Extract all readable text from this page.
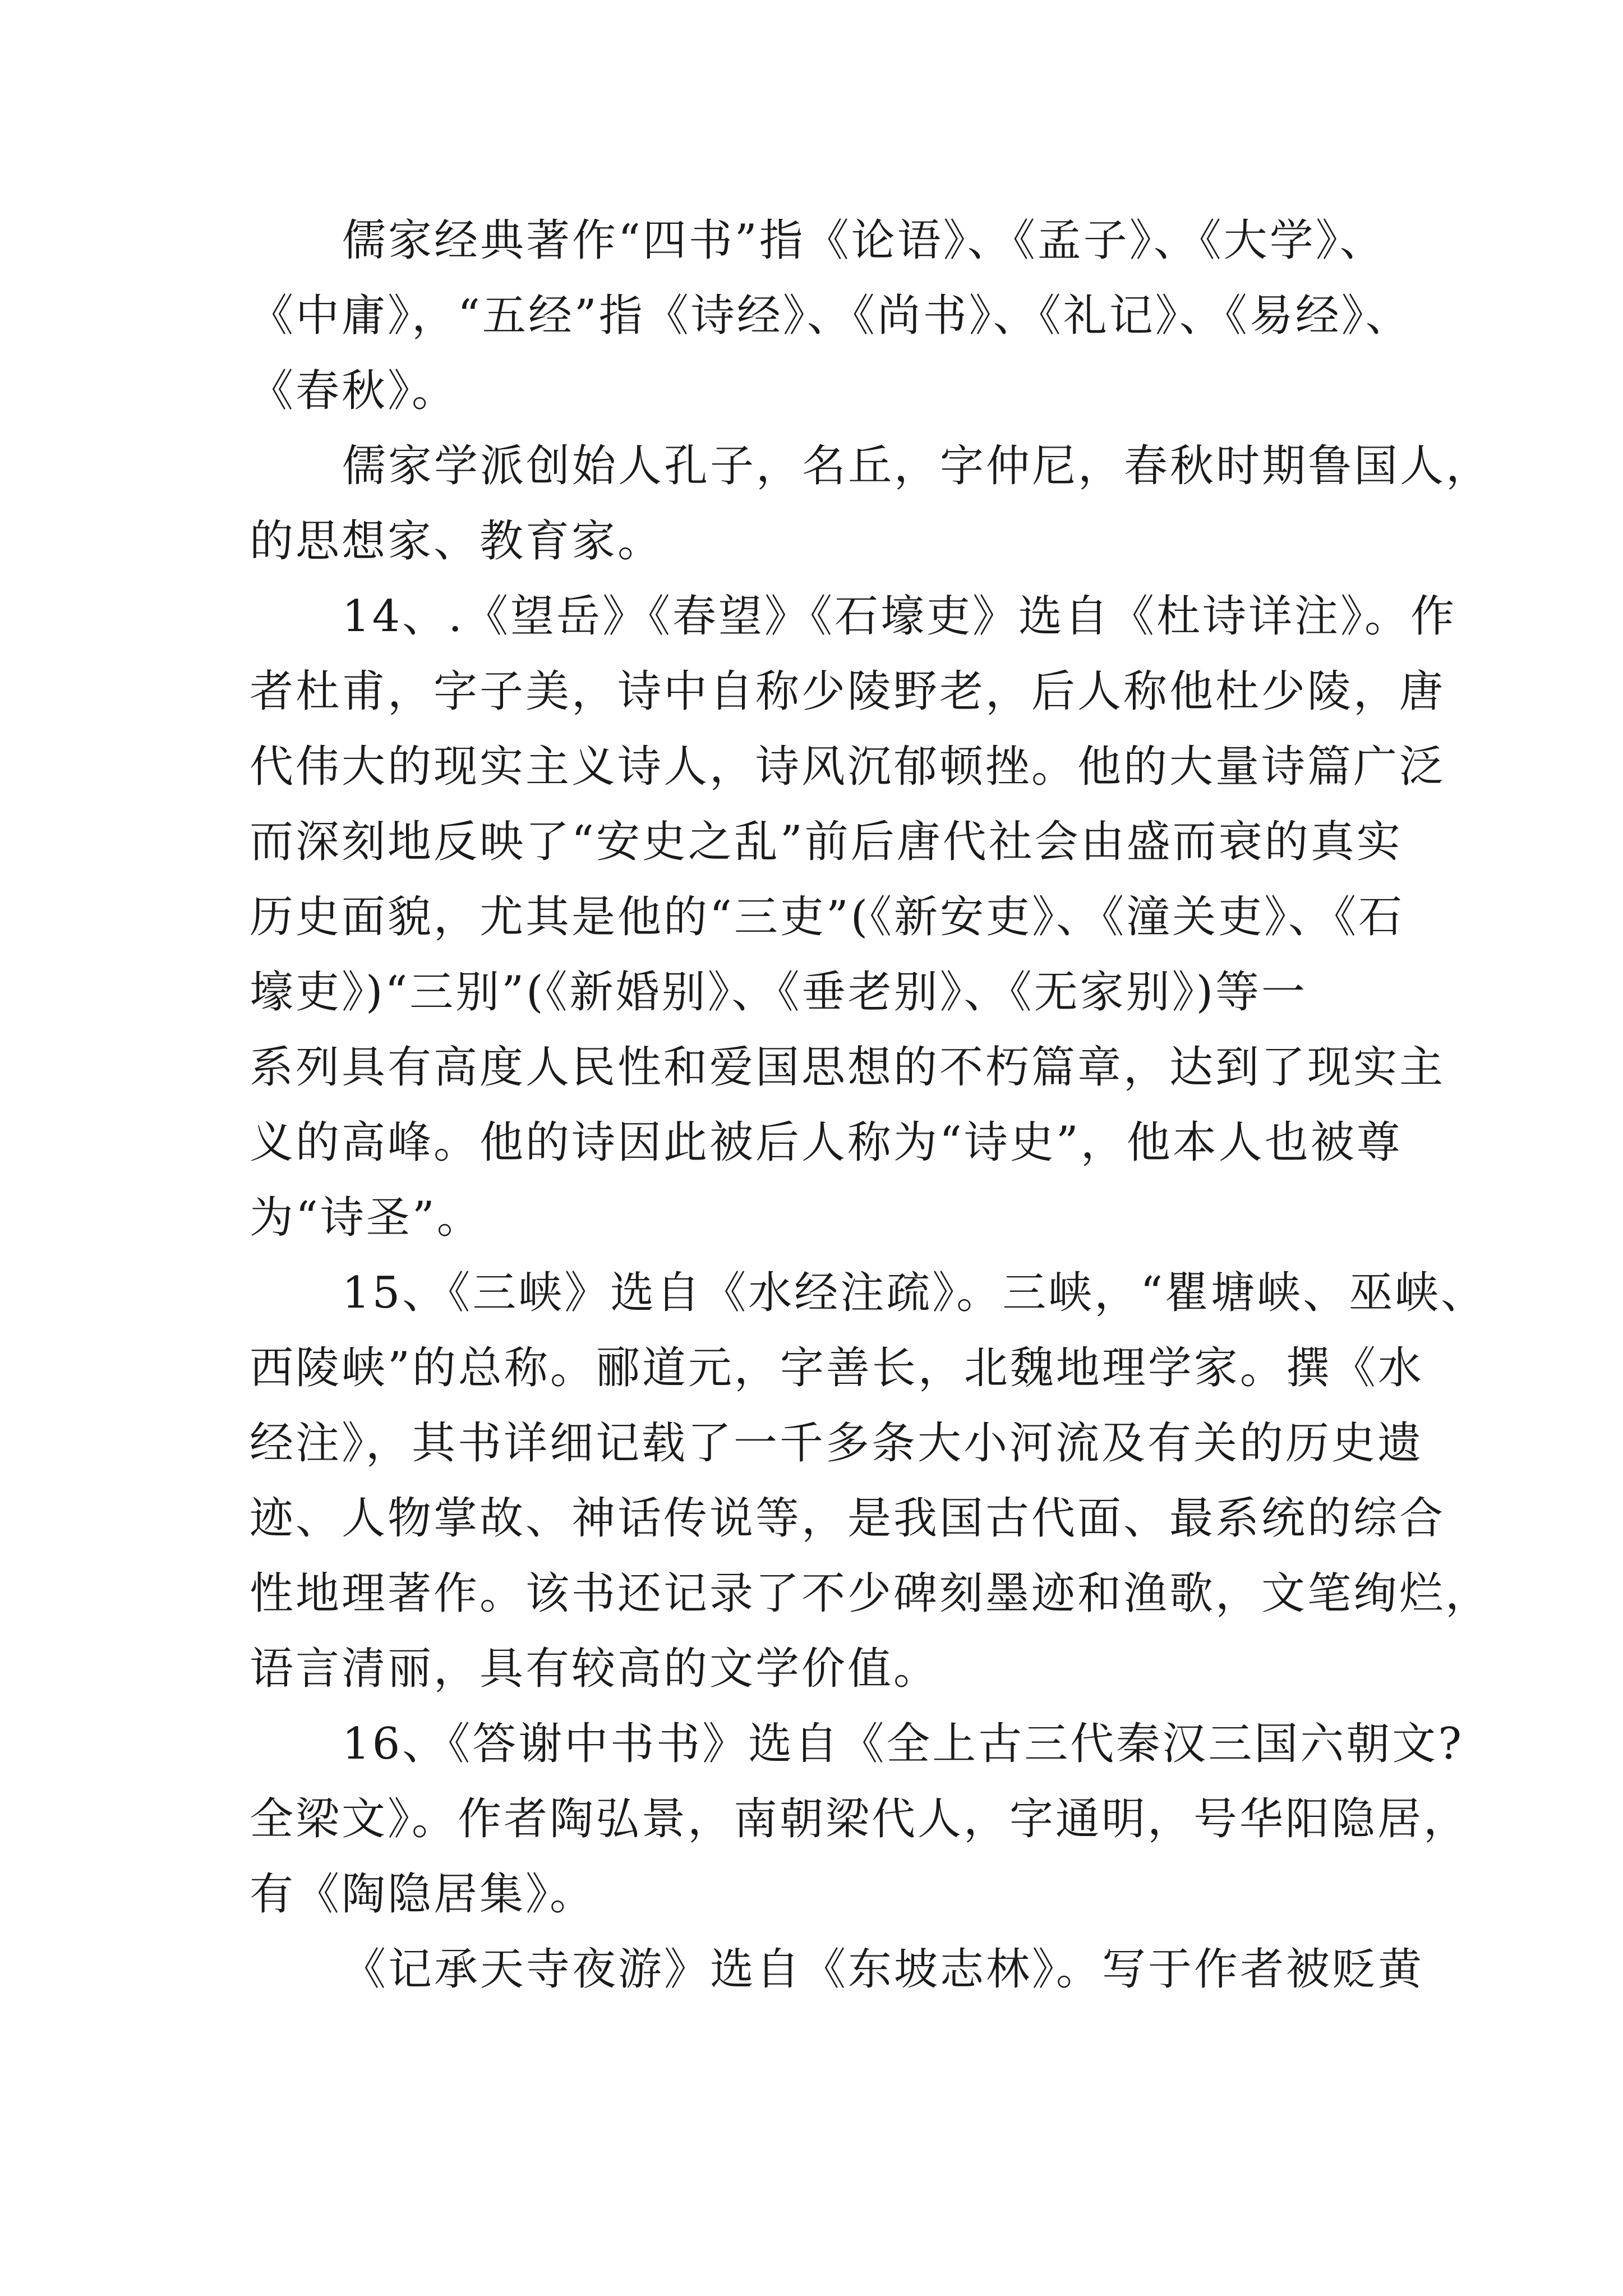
儒家经典著作“四书”指《论语》、《孟子》、《大学》、
《中庸》，“五经”指《诗经》、《尚书》、《礼记》、《易经》、
《春秋》。
儒家学派创始人孔子，名丘，字仲尼，春秋时期鲁国人，
的思想家、教育家。
14、.《望岳》《春望》《石壕吏》选自《杜诗详注》。作
者杜甫，字子美，诗中自称少陵野老，后人称他杜少陵，唐
代伟大的现实主义诗人，诗风沉郁顿挫。他的大量诗篇广泛
而深刻地反映了“安史之乱”前后唐代社会由盛而衰的真实
历史面貌，尤其是他的“三吏”(《新安吏》、《潼关吏》、《石
壕吏》)“三别”(《新婚别》、《垂老别》、《无家别》)等一
系列具有高度人民性和爱国思想的不朽篇章，达到了现实主
义的高峰。他的诗因此被后人称为“诗史”，他本人也被尊
为“诗圣”。
15、《三峡》选自《水经注疏》。三峡，“瞿塘峡、巫峡、
西陵峡”的总称。郦道元，字善长，北魏地理学家。撰《水
经注》，其书详细记载了一千多条大小河流及有关的历史遗
迹、人物掌故、神话传说等，是我国古代面、最系统的综合
性地理著作。该书还记录了不少碑刻墨迹和渔歌，文笔绚烂，
语言清丽，具有较高的文学价值。
16、《答谢中书书》选自《全上古三代秦汉三国六朝文?
全梁文》。作者陶弘景，南朝梁代人，字通明，号华阳隐居，
有《陶隐居集》。
《记承天寺夜游》选自《东坡志林》。写于作者被贬黄
